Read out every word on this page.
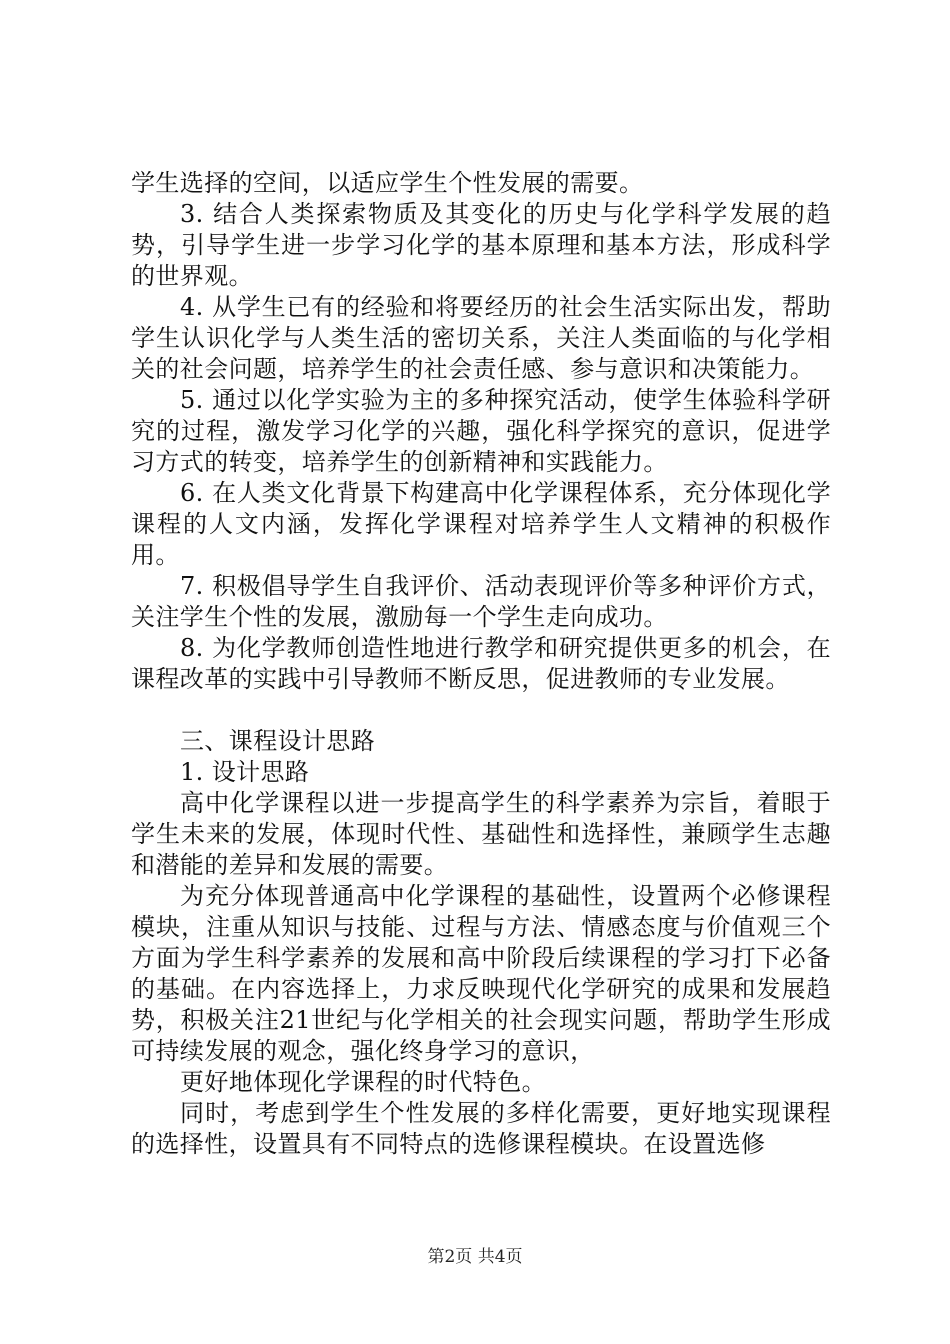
学生选择的空间，以适应学生个性发展的需要。

3. 结合人类探索物质及其变化的历史与化学科学发展的趋势，引导学生进一步学习化学的基本原理和基本方法，形成科学的世界观。

4. 从学生已有的经验和将要经历的社会生活实际出发，帮助学生认识化学与人类生活的密切关系，关注人类面临的与化学相关的社会问题，培养学生的社会责任感、参与意识和决策能力。

5. 通过以化学实验为主的多种探究活动，使学生体验科学研究的过程，激发学习化学的兴趣，强化科学探究的意识，促进学习方式的转变，培养学生的创新精神和实践能力。

6. 在人类文化背景下构建高中化学课程体系，充分体现化学课程的人文内涵，发挥化学课程对培养学生人文精神的积极作用。

7. 积极倡导学生自我评价、活动表现评价等多种评价方式，关注学生个性的发展，激励每一个学生走向成功。

8. 为化学教师创造性地进行教学和研究提供更多的机会，在课程改革的实践中引导教师不断反思，促进教师的专业发展。

三、课程设计思路

1. 设计思路

高中化学课程以进一步提高学生的科学素养为宗旨，着眼于学生未来的发展，体现时代性、基础性和选择性，兼顾学生志趣和潜能的差异和发展的需要。

为充分体现普通高中化学课程的基础性，设置两个必修课程模块，注重从知识与技能、过程与方法、情感态度与价值观三个方面为学生科学素养的发展和高中阶段后续课程的学习打下必备的基础。在内容选择上，力求反映现代化学研究的成果和发展趋势，积极关注21世纪与化学相关的社会现实问题，帮助学生形成可持续发展的观念，强化终身学习的意识，

更好地体现化学课程的时代特色。

同时，考虑到学生个性发展的多样化需要，更好地实现课程的选择性，设置具有不同特点的选修课程模块。在设置选修

第2页 共4页
